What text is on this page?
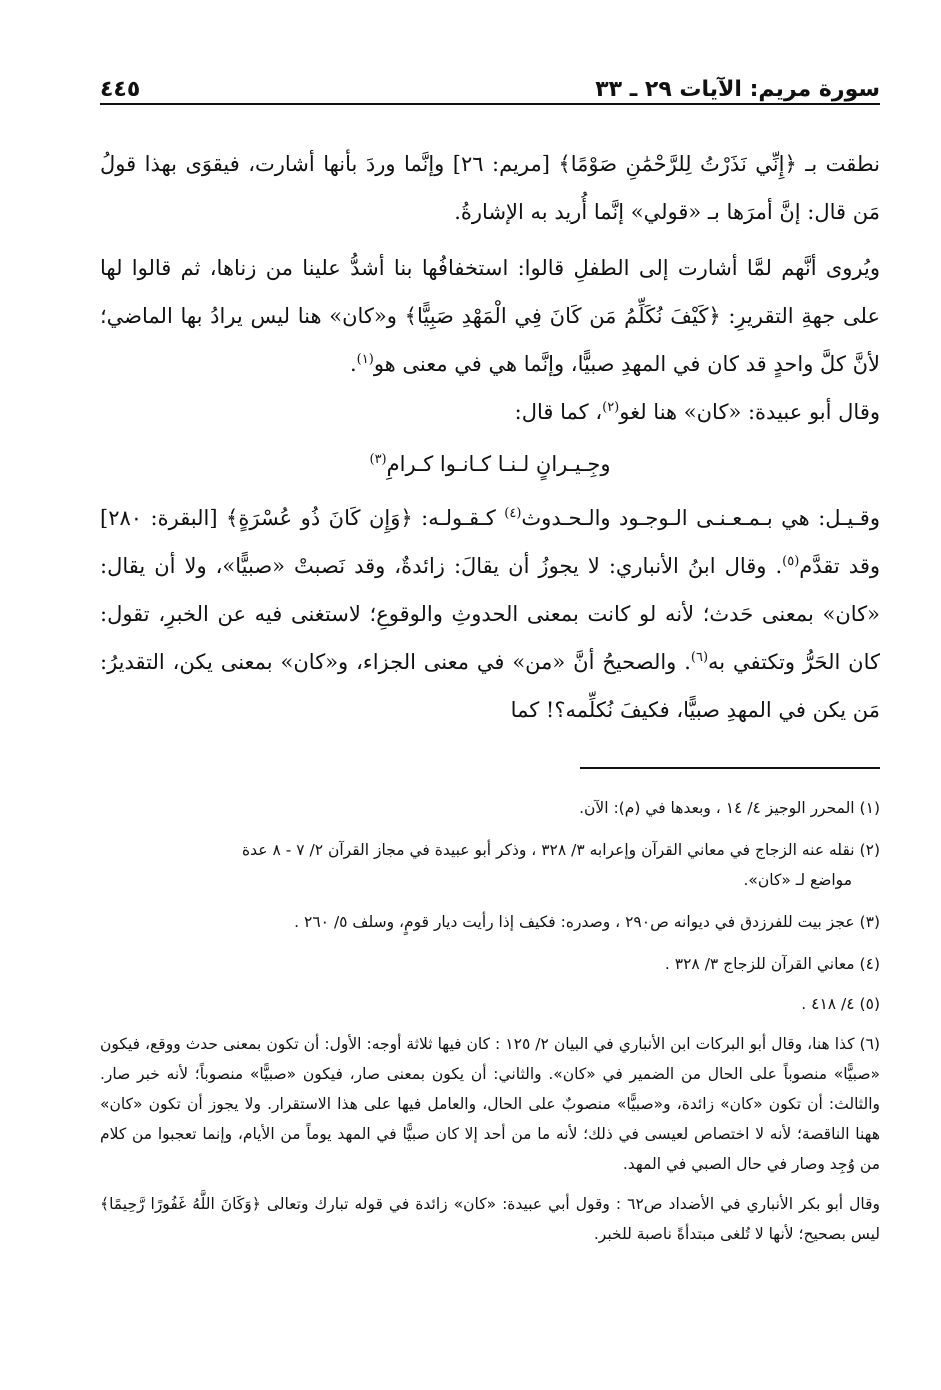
سورة مريم: الآيات ٢٩ ـ ٣٣
٤٤٥

نطقت بـ ﴿إِنِّي نَذَرْتُ لِلرَّحْمَٰنِ صَوْمًا﴾ [مريم: ٢٦] وإنَّما وردَ بأنها أشارت، فيقوَى بهذا قولُ مَن قال: إنَّ أمرَها بـ «قولي» إنَّما أُريد به الإشارةُ.

ويُروى أنَّهم لمَّا أشارت إلى الطفلِ قالوا: استخفافُها بنا أشدُّ علينا من زناها، ثم قالوا لها على جهةِ التقريرِ: ﴿كَيْفَ نُكَلِّمُ مَن كَانَ فِي الْمَهْدِ صَبِيًّا﴾ و«كان» هنا ليس يرادُ بها الماضي؛ لأنَّ كلَّ واحدٍ قد كان في المهدِ صبيًّا، وإنَّما هي في معنى هو$^{(١)}$.

وقال أبو عبيدة: «كان» هنا لغو$^{(٢)}$، كما قال:

وجِـيـرانٍ لـنـا كـانـوا كـرامِ$^{(٣)}$

وقـيـل: هي بـمـعـنـى الـوجـود والـحـدوث$^{(٤)}$ كـقـولـه: ﴿وَإِن كَانَ ذُو عُسْرَةٍ﴾ [البقرة: ٢٨٠] وقد تقدَّم$^{(٥)}$. وقال ابنُ الأنباري: لا يجوزُ أن يقالَ: زائدةٌ، وقد نَصبتْ «صبيًّا»، ولا أن يقال: «كان» بمعنى حَدث؛ لأنه لو كانت بمعنى الحدوثِ والوقوعِ؛ لاستغنى فيه عن الخبرِ، تقول: كان الحَرُّ وتكتفي به$^{(٦)}$. والصحيحُ أنَّ «من» في معنى الجزاء، و«كان» بمعنى يكن، التقديرُ: مَن يكن في المهدِ صبيًّا، فكيفَ نُكلِّمه؟! كما

(١) المحرر الوجيز ٤/ ١٤ ، وبعدها في (م): الآن.

(٢) نقله عنه الزجاج في معاني القرآن وإعرابه ٣/ ٣٢٨ ، وذكر أبو عبيدة في مجاز القرآن ٢/ ٧ - ٨ عدة
مواضع لـ «كان».

(٣) عجز بيت للفرزدق في ديوانه ص٢٩٠ ، وصدره: فكيف إذا رأيت ديار قومٍ، وسلف ٥/ ٢٦٠ .

(٤) معاني القرآن للزجاج ٣/ ٣٢٨ .

(٥) ٤/ ٤١٨ .

(٦) كذا هنا، وقال أبو البركات ابن الأنباري في البيان ٢/ ١٢٥ : كان فيها ثلاثة أوجه: الأول: أن تكون بمعنى حدث ووقع، فيكون «صبيًّا» منصوباً على الحال من الضمير في «كان». والثاني: أن يكون بمعنى صار، فيكون «صبيًّا» منصوباً؛ لأنه خبر صار. والثالث: أن تكون «كان» زائدة، و«صبيًّا» منصوبٌ على الحال، والعامل فيها على هذا الاستقرار. ولا يجوز أن تكون «كان» ههنا الناقصة؛ لأنه لا اختصاص لعيسى في ذلك؛ لأنه ما من أحد إلا كان صبيًّا في المهد يوماً من الأيام، وإنما تعجبوا من كلام من وُجِد وصار في حال الصبي في المهد.

وقال أبو بكر الأنباري في الأضداد ص٦٢ : وقول أبي عبيدة: «كان» زائدة في قوله تبارك وتعالى ﴿وَكَانَ اللَّهُ غَفُورًا رَّحِيمًا﴾ ليس بصحيح؛ لأنها لا تُلغى مبتدأةً ناصبة للخبر.
